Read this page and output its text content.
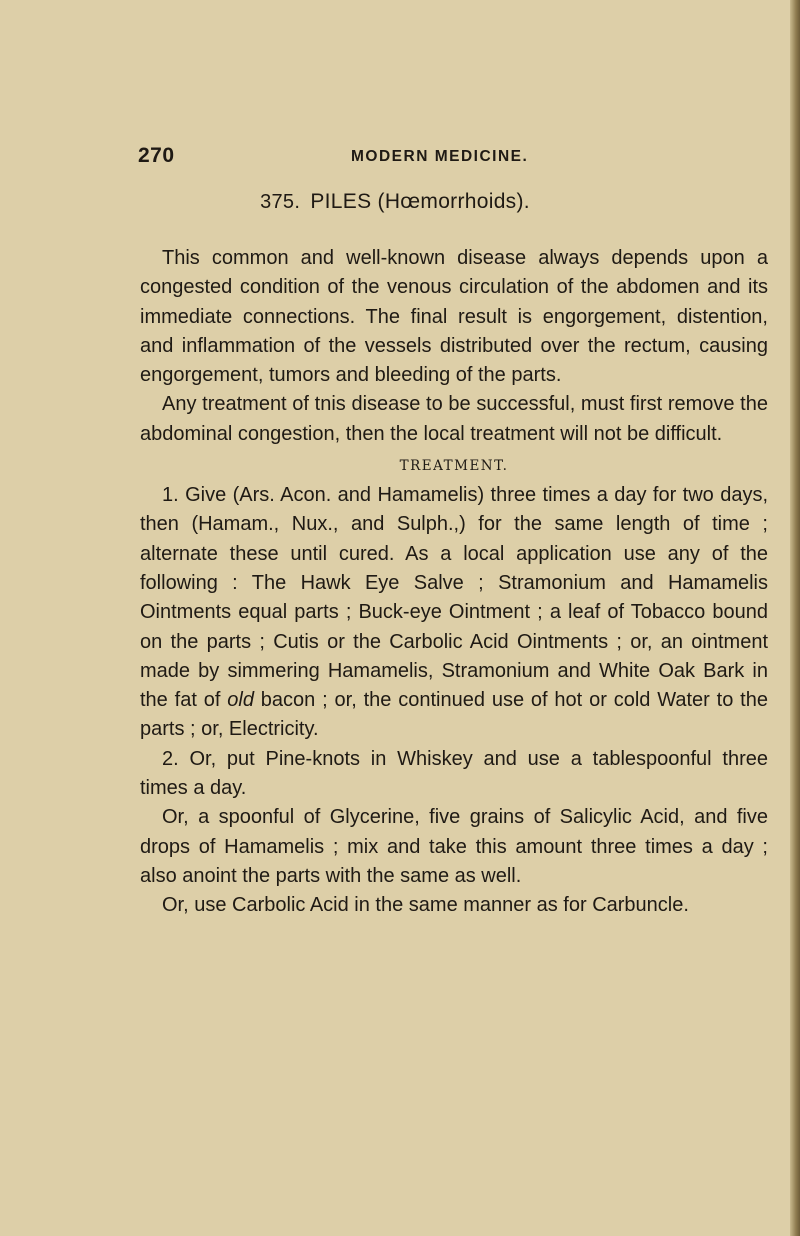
270	MODERN MEDICINE.
375. PILES (Hœmorrhoids).

This common and well-known disease always depends upon a congested condition of the venous circulation of the abdomen and its immediate connections. The final result is engorgement, distention, and inflammation of the vessels distributed over the rectum, causing engorgement, tumors and bleeding of the parts.

Any treatment of tnis disease to be successful, must first remove the abdominal congestion, then the local treatment will not be difficult.

TREATMENT.

1. Give (Ars. Acon. and Hamamelis) three times a day for two days, then (Hamam., Nux., and Sulph.,) for the same length of time ; alternate these until cured. As a local application use any of the following : The Hawk Eye Salve ; Stramonium and Hamamelis Ointments equal parts ; Buck-eye Ointment ; a leaf of Tobacco bound on the parts ; Cutis or the Carbolic Acid Ointments ; or, an ointment made by simmering Hamamelis, Stramonium and White Oak Bark in the fat of old bacon ; or, the continued use of hot or cold Water to the parts ; or, Electricity.

2. Or, put Pine-knots in Whiskey and use a tablespoonful three times a day.

Or, a spoonful of Glycerine, five grains of Salicylic Acid, and five drops of Hamamelis ; mix and take this amount three times a day ; also anoint the parts with the same as well.

Or, use Carbolic Acid in the same manner as for Carbuncle.
